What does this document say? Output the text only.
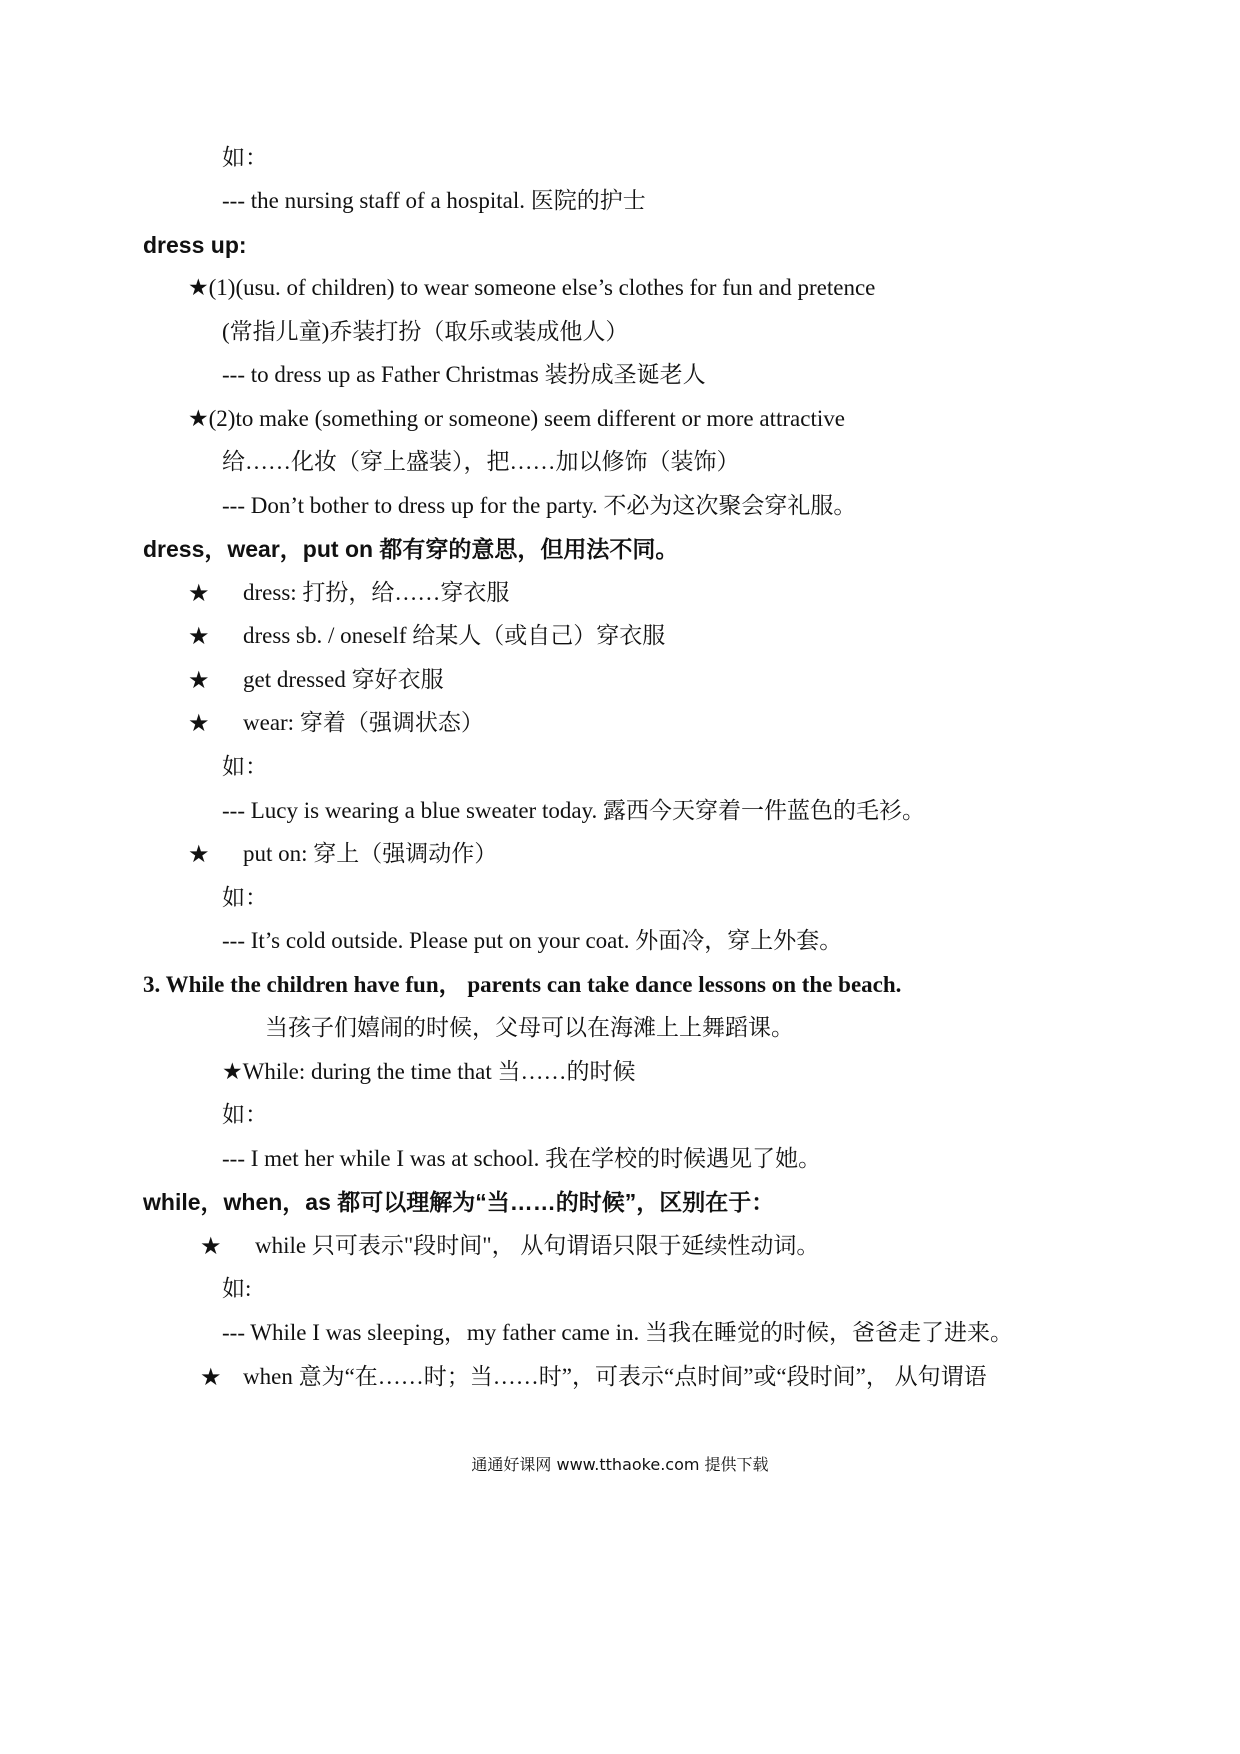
如：
--- the nursing staff of a hospital. 医院的护士
dress up:
★(1)(usu. of children) to wear someone else’s clothes for fun and pretence
(常指儿童)乔装打扮（取乐或装成他人）
--- to dress up as Father Christmas 装扮成圣诞老人
★(2)to make (something or someone) seem different or more attractive
给……化妆（穿上盛装），把……加以修饰（装饰）
--- Don’t bother to dress up for the party. 不必为这次聚会穿礼服。
dress，wear，put on 都有穿的意思，但用法不同。
★ dress: 打扮，给……穿衣服
★ dress sb. / oneself 给某人（或自己）穿衣服
★ get dressed 穿好衣服
★ wear: 穿着（强调状态）
如：
--- Lucy is wearing a blue sweater today. 露西今天穿着一件蓝色的毛衫。
★ put on: 穿上（强调动作）
如：
--- It’s cold outside. Please put on your coat. 外面冷，穿上外套。
3. While the children have fun， parents can take dance lessons on the beach.
当孩子们嬉闹的时候，父母可以在海滩上上舞蹈课。
★While: during the time that 当……的时候
如：
--- I met her while I was at school. 我在学校的时候遇见了她。
while，when，as 都可以理解为“当……的时候”，区别在于：
★ while 只可表示"段时间"， 从句谓语只限于延续性动词。
如:
--- While I was sleeping，my father came in. 当我在睡觉的时候，爸爸走了进来。
★ when 意为“在……时；当……时”，可表示“点时间”或“段时间”， 从句谓语
通通好课网 www.tthaoke.com 提供下载
